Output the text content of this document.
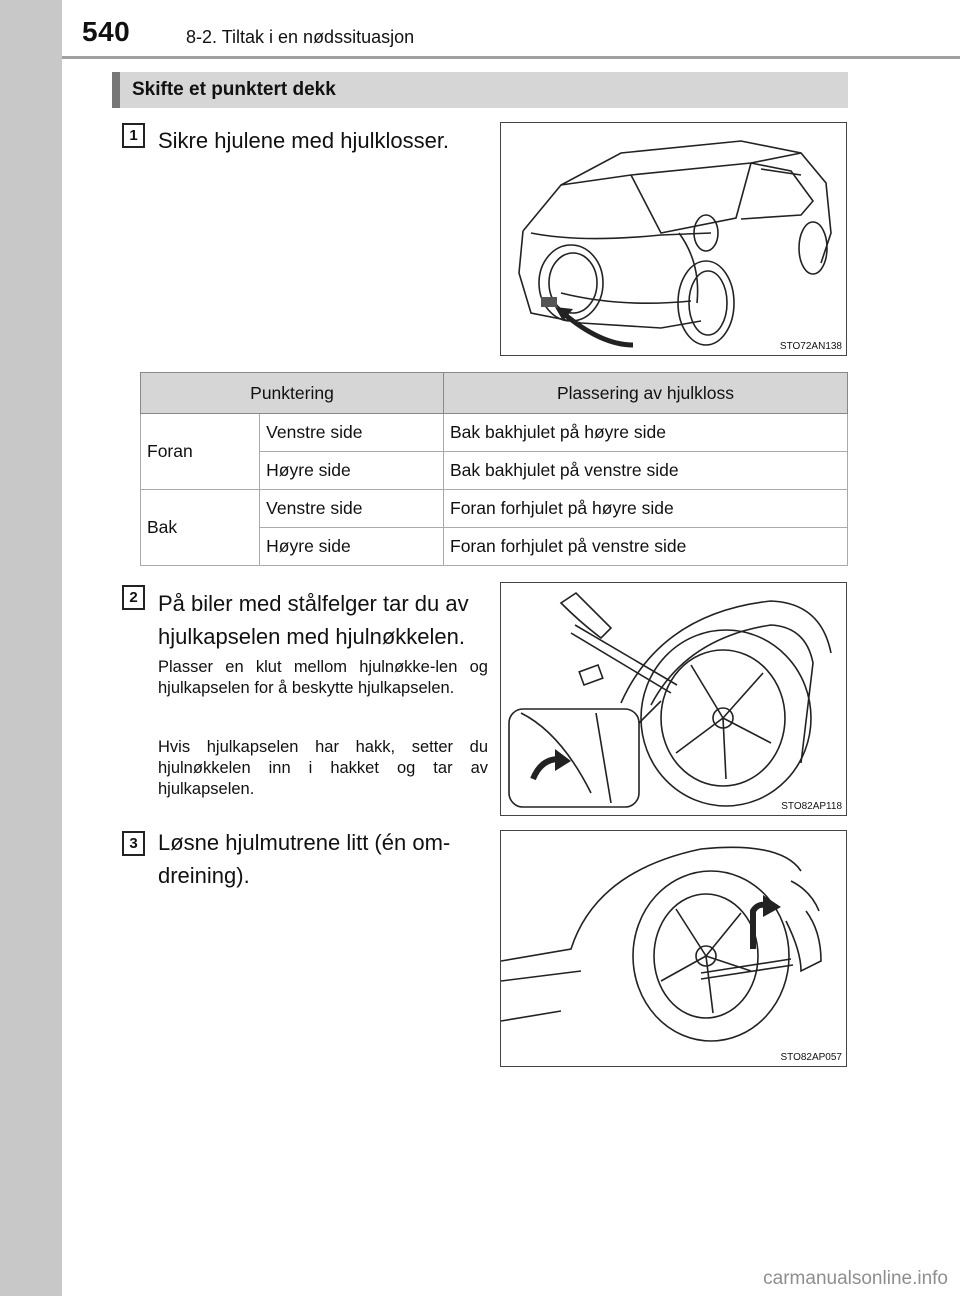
540	8-2. Tiltak i en nødssituasjon
Skifte et punktert dekk
1 Sikre hjulene med hjulklosser.
STO72AN138
Punktering		Plassering av hjulkloss
Foran	Venstre side	Bak bakhjulet på høyre side
	Høyre side	Bak bakhjulet på venstre side
Bak	Venstre side	Foran forhjulet på høyre side
	Høyre side	Foran forhjulet på venstre side
2 På biler med stålfelger tar du av
hjulkapselen med hjulnøkkelen.
Plasser en klut mellom hjulnøkke-len og hjulkapselen for å beskytte hjulkapselen.
Hvis hjulkapselen har hakk, setter du hjulnøkkelen inn i hakket og tar av hjulkapselen.
STO82AP118
3 Løsne hjulmutrene litt (én om-
dreining).
STO82AP057
carmanualsonline.info
